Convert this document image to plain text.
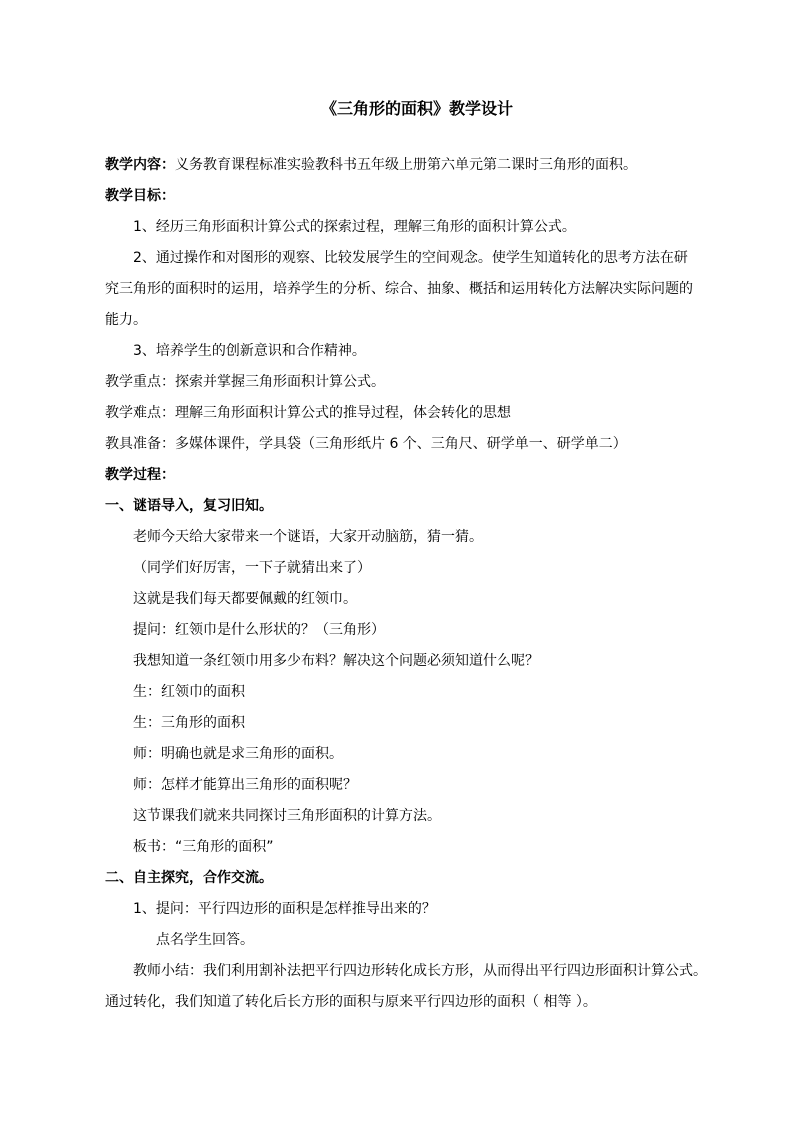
《三角形的面积》教学设计
教学内容：义务教育课程标准实验教科书五年级上册第六单元第二课时三角形的面积。
教学目标：
1、经历三角形面积计算公式的探索过程，理解三角形的面积计算公式。
2、通过操作和对图形的观察、比较发展学生的空间观念。使学生知道转化的思考方法在研
究三角形的面积时的运用，培养学生的分析、综合、抽象、概括和运用转化方法解决实际问题的
能力。
3、培养学生的创新意识和合作精神。
教学重点：探索并掌握三角形面积计算公式。
教学难点：理解三角形面积计算公式的推导过程，体会转化的思想
教具准备：多媒体课件，学具袋（三角形纸片 6 个、三角尺、研学单一、研学单二）
教学过程：
一、谜语导入，复习旧知。
老师今天给大家带来一个谜语，大家开动脑筋，猜一猜。
（同学们好厉害，一下子就猜出来了）
这就是我们每天都要佩戴的红领巾。
提问：红领巾是什么形状的？（三角形）
我想知道一条红领巾用多少布料？解决这个问题必须知道什么呢？
生：红领巾的面积
生：三角形的面积
师：明确也就是求三角形的面积。
师：怎样才能算出三角形的面积呢？
这节课我们就来共同探讨三角形面积的计算方法。
板书：“三角形的面积”
二、自主探究，合作交流。
1、提问：平行四边形的面积是怎样推导出来的？
点名学生回答。
教师小结：我们利用割补法把平行四边形转化成长方形，从而得出平行四边形面积计算公式。
通过转化，我们知道了转化后长方形的面积与原来平行四边形的面积（ 相等 ）。
